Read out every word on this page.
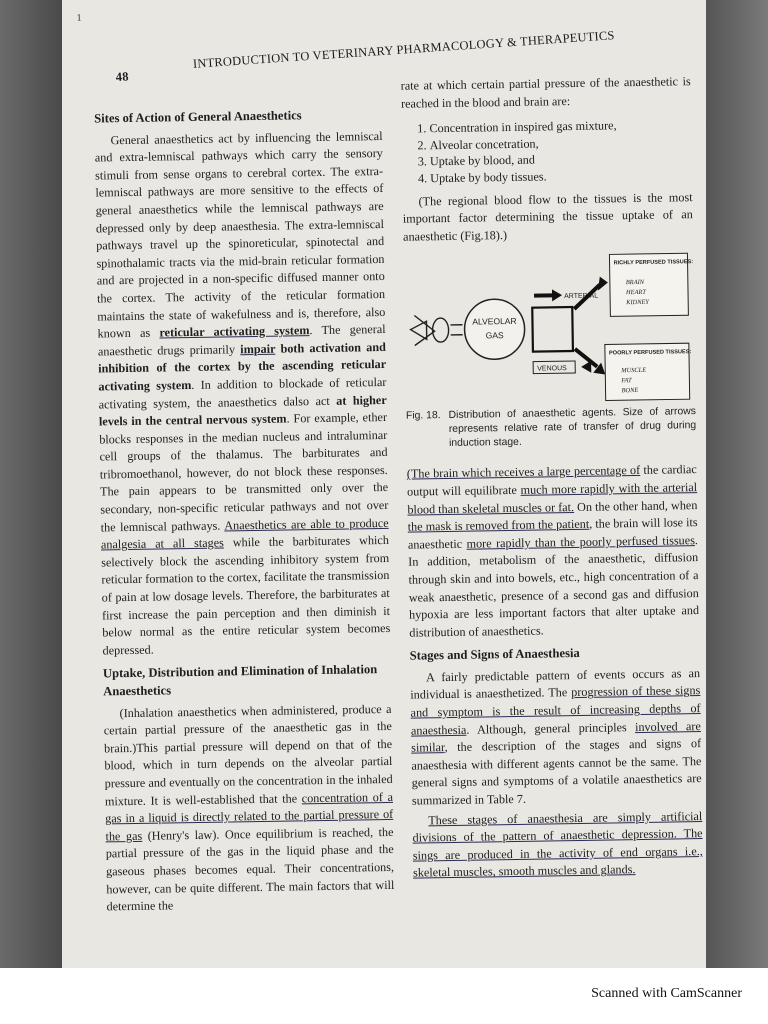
1
48
INTRODUCTION TO VETERINARY PHARMACOLOGY & THERAPEUTICS
Sites of Action of General Anaesthetics

General anaesthetics act by influencing the lemniscal and extra-lemniscal pathways which carry the sensory stimuli from sense organs to cerebral cortex. The extra-lemniscal pathways are more sensitive to the effects of general anaesthetics while the lemniscal pathways are depressed only by deep anaesthesia. The extra-lemniscal pathways travel up the spinoreticular, spinotectal and spinothalamic tracts via the mid-brain reticular formation and are projected in a non-specific diffused manner onto the cortex. The activity of the reticular formation maintains the state of wakefulness and is, therefore, also known as reticular activating system. The general anaesthetic drugs primarily impair both activation and inhibition of the cortex by the ascending reticular activating system. In addition to blockade of reticular activating system, the anaesthetics dalso act at higher levels in the central nervous system. For example, ether blocks responses in the median nucleus and intraluminar cell groups of the thalamus. The barbiturates and tribromoethanol, however, do not block these responses. The pain appears to be transmitted only over the secondary, non-specific reticular pathways and not over the lemniscal pathways. Anaesthetics are able to produce analgesia at all stages while the barbiturates which selectively block the ascending inhibitory system from reticular formation to the cortex, facilitate the transmission of pain at low dosage levels. Therefore, the barbiturates at first increase the pain perception and then diminish it below normal as the entire reticular system becomes depressed.

Uptake, Distribution and Elimination of Inhalation Anaesthetics

(Inhalation anaesthetics when administered, produce a certain partial pressure of the anaesthetic gas in the brain.)This partial pressure will depend on that of the blood, which in turn depends on the alveolar partial pressure and eventually on the concentration in the inhaled mixture. It is well-established that the concentration of a gas in a liquid is directly related to the partial pressure of the gas (Henry's law). Once equilibrium is reached, the partial pressure of the gas in the liquid phase and the gaseous phases becomes equal. Their concentrations, however, can be quite different. The main factors that will determine the

rate at which certain partial pressure of the anaesthetic is reached in the blood and brain are:

1. Concentration in inspired gas mixture,
2. Alveolar concetration,
3. Uptake by blood, and
4. Uptake by body tissues.

(The regional blood flow to the tissues is the most important factor determining the tissue uptake of an anaesthetic (Fig.18).)

ALVEOLAR
GAS
ARTERIAL
VENOUS
RICHLY PERFUSED TISSUES:
BRAIN
HEART
KIDNEY
POORLY PERFUSED TISSUES:
MUSCLE
FAT
BONE
Fig. 18. Distribution of anaesthetic agents. Size of arrows represents relative rate of transfer of drug during induction stage.

(The brain which receives a large percentage of the cardiac output will equilibrate much more rapidly with the arterial blood than skeletal muscles or fat. On the other hand, when the mask is removed from the patient, the brain will lose its anaesthetic more rapidly than the poorly perfused tissues. In addition, metabolism of the anaesthetic, diffusion through skin and into bowels, etc., high concentration of a weak anaesthetic, presence of a second gas and diffusion hypoxia are less important factors that alter uptake and distribution of anaesthetics.

Stages and Signs of Anaesthesia

A fairly predictable pattern of events occurs as an individual is anaesthetized. The progression of these signs and symptom is the result of increasing depths of anaesthesia. Although, general principles involved are similar, the description of the stages and signs of anaesthesia with different agents cannot be the same. The general signs and symptoms of a volatile anaesthetics are summarized in Table 7.

These stages of anaesthesia are simply artificial divisions of the pattern of anaesthetic depression. The sings are produced in the activity of end organs i.e., skeletal muscles, smooth muscles and glands.

Scanned with CamScanner
